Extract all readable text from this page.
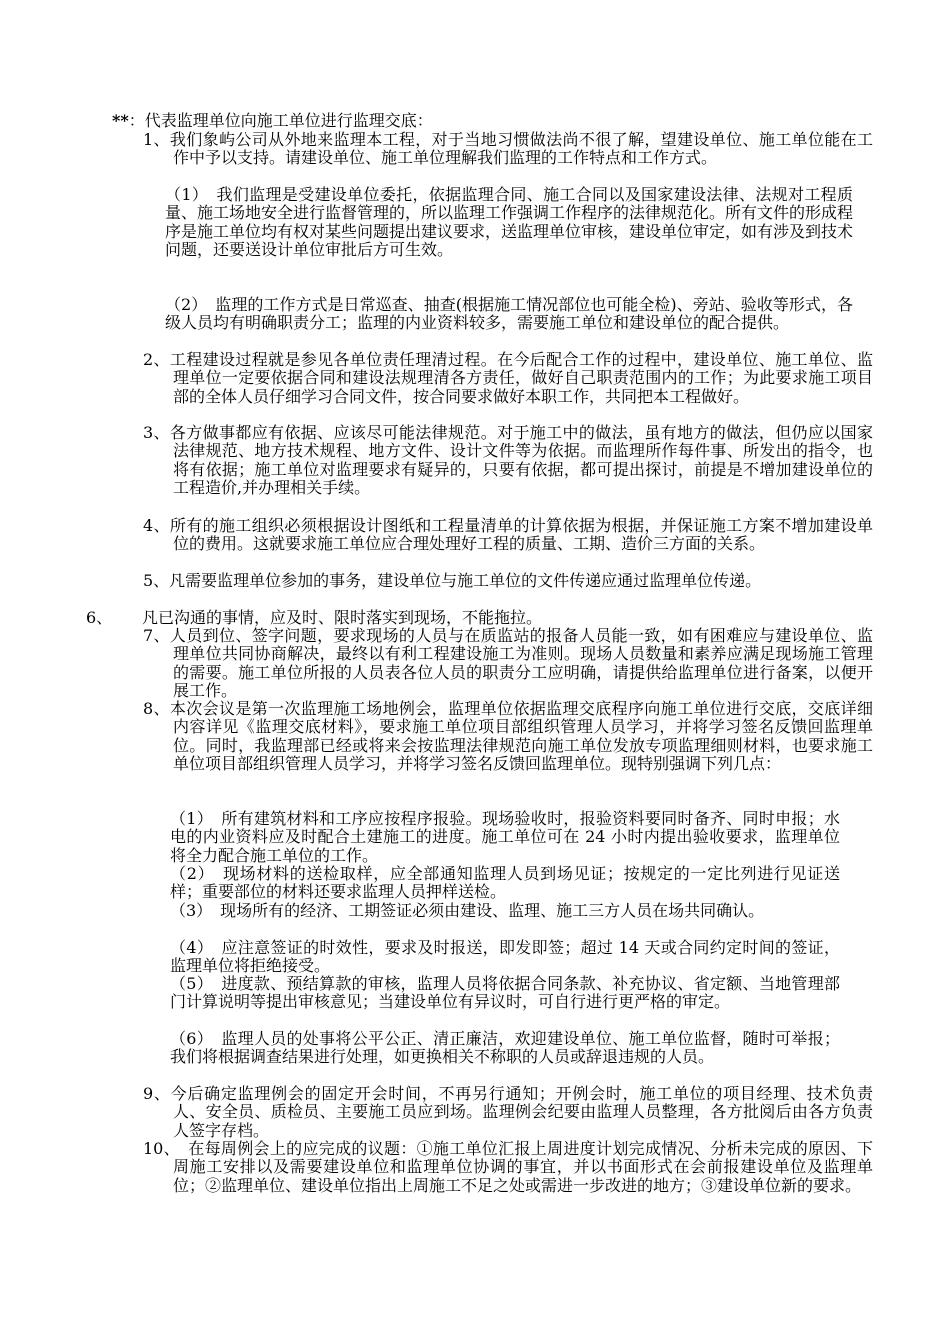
**：代表监理单位向施工单位进行监理交底：

1、我们象屿公司从外地来监理本工程，对于当地习惯做法尚不很了解，望建设单位、施工单位能在工作中予以支持。请建设单位、施工单位理解我们监理的工作特点和工作方式。

（1）　我们监理是受建设单位委托，依据监理合同、施工合同以及国家建设法律、法规对工程质量、施工场地安全进行监督管理的，所以监理工作强调工作程序的法律规范化。所有文件的形成程序是施工单位均有权对某些问题提出建议要求，送监理单位审核，建设单位审定，如有涉及到技术问题，还要送设计单位审批后方可生效。

（2）　监理的工作方式是日常巡查、抽查(根据施工情况部位也可能全检)、旁站、验收等形式，各级人员均有明确职责分工；监理的内业资料较多，需要施工单位和建设单位的配合提供。

2、工程建设过程就是参见各单位责任理清过程。在今后配合工作的过程中，建设单位、施工单位、监理单位一定要依据合同和建设法规理清各方责任，做好自己职责范围内的工作；为此要求施工项目部的全体人员仔细学习合同文件，按合同要求做好本职工作，共同把本工程做好。

3、各方做事都应有依据、应该尽可能法律规范。对于施工中的做法，虽有地方的做法，但仍应以国家法律规范、地方技术规程、地方文件、设计文件等为依据。而监理所作每件事、所发出的指令，也将有依据；施工单位对监理要求有疑异的，只要有依据，都可提出探讨，前提是不增加建设单位的工程造价,并办理相关手续。

4、所有的施工组织必须根据设计图纸和工程量清单的计算依据为根据，并保证施工方案不增加建设单位的费用。这就要求施工单位应合理处理好工程的质量、工期、造价三方面的关系。

5、凡需要监理单位参加的事务，建设单位与施工单位的文件传递应通过监理单位传递。

6、 凡已沟通的事情，应及时、限时落实到现场，不能拖拉。

7、人员到位、签字问题，要求现场的人员与在质监站的报备人员能一致，如有困难应与建设单位、监理单位共同协商解决，最终以有利工程建设施工为准则。现场人员数量和素养应满足现场施工管理的需要。施工单位所报的人员表各位人员的职责分工应明确，请提供给监理单位进行备案，以便开展工作。

8、本次会议是第一次监理施工场地例会，监理单位依据监理交底程序向施工单位进行交底，交底详细内容详见《监理交底材料》，要求施工单位项目部组织管理人员学习，并将学习签名反馈回监理单位。同时，我监理部已经或将来会按监理法律规范向施工单位发放专项监理细则材料，也要求施工单位项目部组织管理人员学习，并将学习签名反馈回监理单位。现特别强调下列几点：

（1）　所有建筑材料和工序应按程序报验。现场验收时，报验资料要同时备齐、同时申报；水电的内业资料应及时配合土建施工的进度。施工单位可在 24 小时内提出验收要求，监理单位将全力配合施工单位的工作。

（2）　现场材料的送检取样，应全部通知监理人员到场见证；按规定的一定比列进行见证送样；重要部位的材料还要求监理人员押样送检。

（3）　现场所有的经济、工期签证必须由建设、监理、施工三方人员在场共同确认。

（4）　应注意签证的时效性，要求及时报送，即发即签；超过 14 天或合同约定时间的签证，监理单位将拒绝接受。

（5）　进度款、预结算款的审核，监理人员将依据合同条款、补充协议、省定额、当地管理部门计算说明等提出审核意见；当建设单位有异议时，可自行进行更严格的审定。

（6）　监理人员的处事将公平公正、清正廉洁，欢迎建设单位、施工单位监督，随时可举报；我们将根据调查结果进行处理，如更换相关不称职的人员或辞退违规的人员。

9、今后确定监理例会的固定开会时间，不再另行通知；开例会时，施工单位的项目经理、技术负责人、安全员、质检员、主要施工员应到场。监理例会纪要由监理人员整理，各方批阅后由各方负责人签字存档。

10、　在每周例会上的应完成的议题：①施工单位汇报上周进度计划完成情况、分析未完成的原因、下周施工安排以及需要建设单位和监理单位协调的事宜，并以书面形式在会前报建设单位及监理单位；②监理单位、建设单位指出上周施工不足之处或需进一步改进的地方；③建设单位新的要求。
